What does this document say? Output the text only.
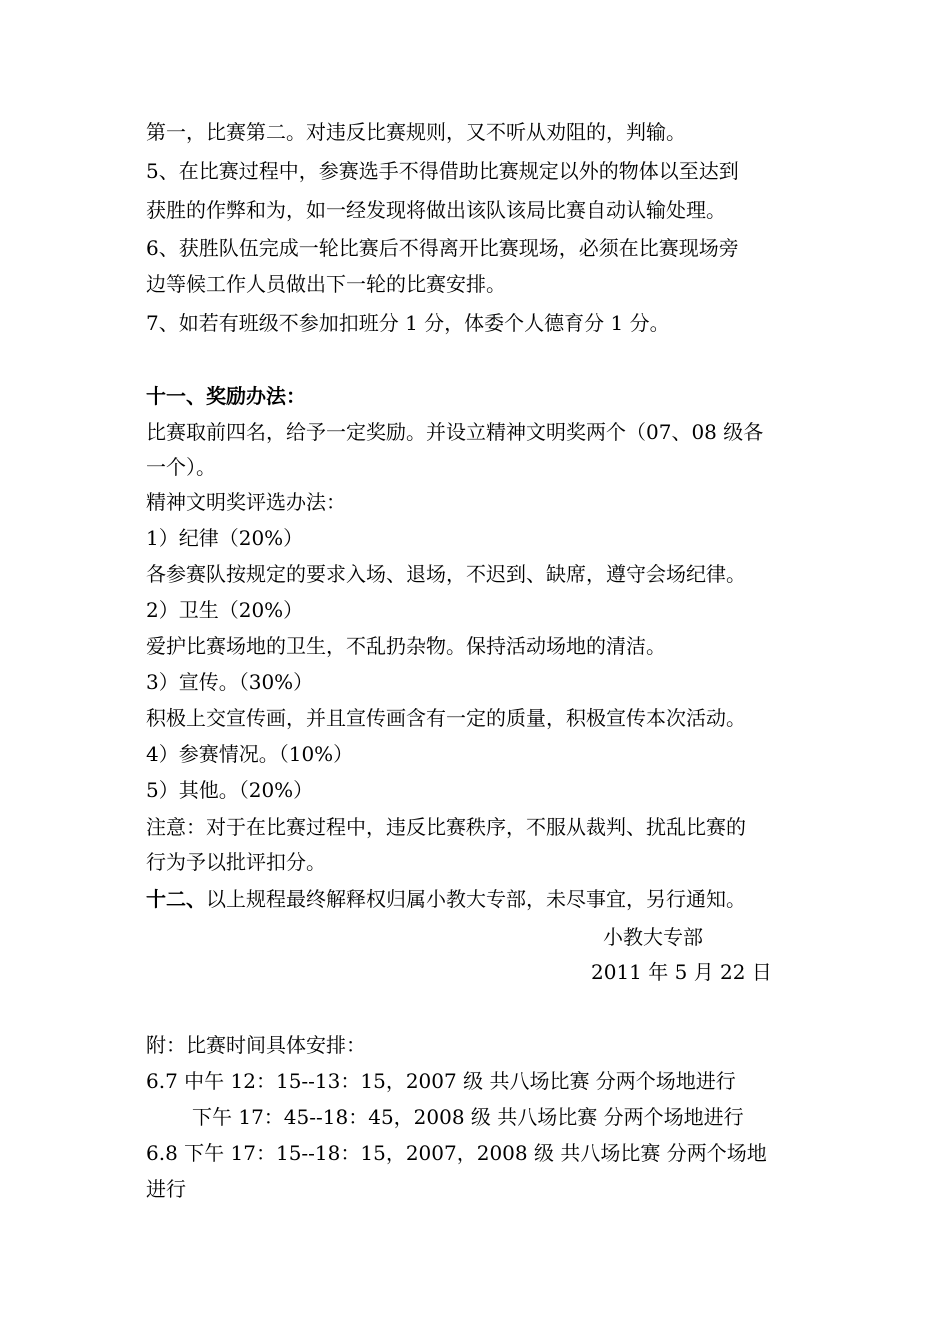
第一，比赛第二。对违反比赛规则，又不听从劝阻的，判输。
5、在比赛过程中，参赛选手不得借助比赛规定以外的物体以至达到
获胜的作弊和为，如一经发现将做出该队该局比赛自动认输处理。
6、获胜队伍完成一轮比赛后不得离开比赛现场，必须在比赛现场旁
边等候工作人员做出下一轮的比赛安排。
7、如若有班级不参加扣班分 1 分，体委个人德育分 1 分。
十一、奖励办法：
比赛取前四名，给予一定奖励。并设立精神文明奖两个（07、08 级各
一个）。
精神文明奖评选办法：
1）纪律（20%）
各参赛队按规定的要求入场、退场，不迟到、缺席，遵守会场纪律。
2）卫生（20%）
爱护比赛场地的卫生，不乱扔杂物。保持活动场地的清洁。
3）宣传。（30%）
积极上交宣传画，并且宣传画含有一定的质量，积极宣传本次活动。
4）参赛情况。（10%）
5）其他。（20%）
注意：对于在比赛过程中，违反比赛秩序，不服从裁判、扰乱比赛的
行为予以批评扣分。
十二、以上规程最终解释权归属小教大专部，未尽事宜，另行通知。
小教大专部
2011 年 5 月 22 日
附：比赛时间具体安排：
6.7 中午 12：15--13：15，2007 级 共八场比赛 分两个场地进行
下午 17：45--18：45，2008 级 共八场比赛 分两个场地进行
6.8 下午 17：15--18：15，2007，2008 级 共八场比赛 分两个场地
进行
